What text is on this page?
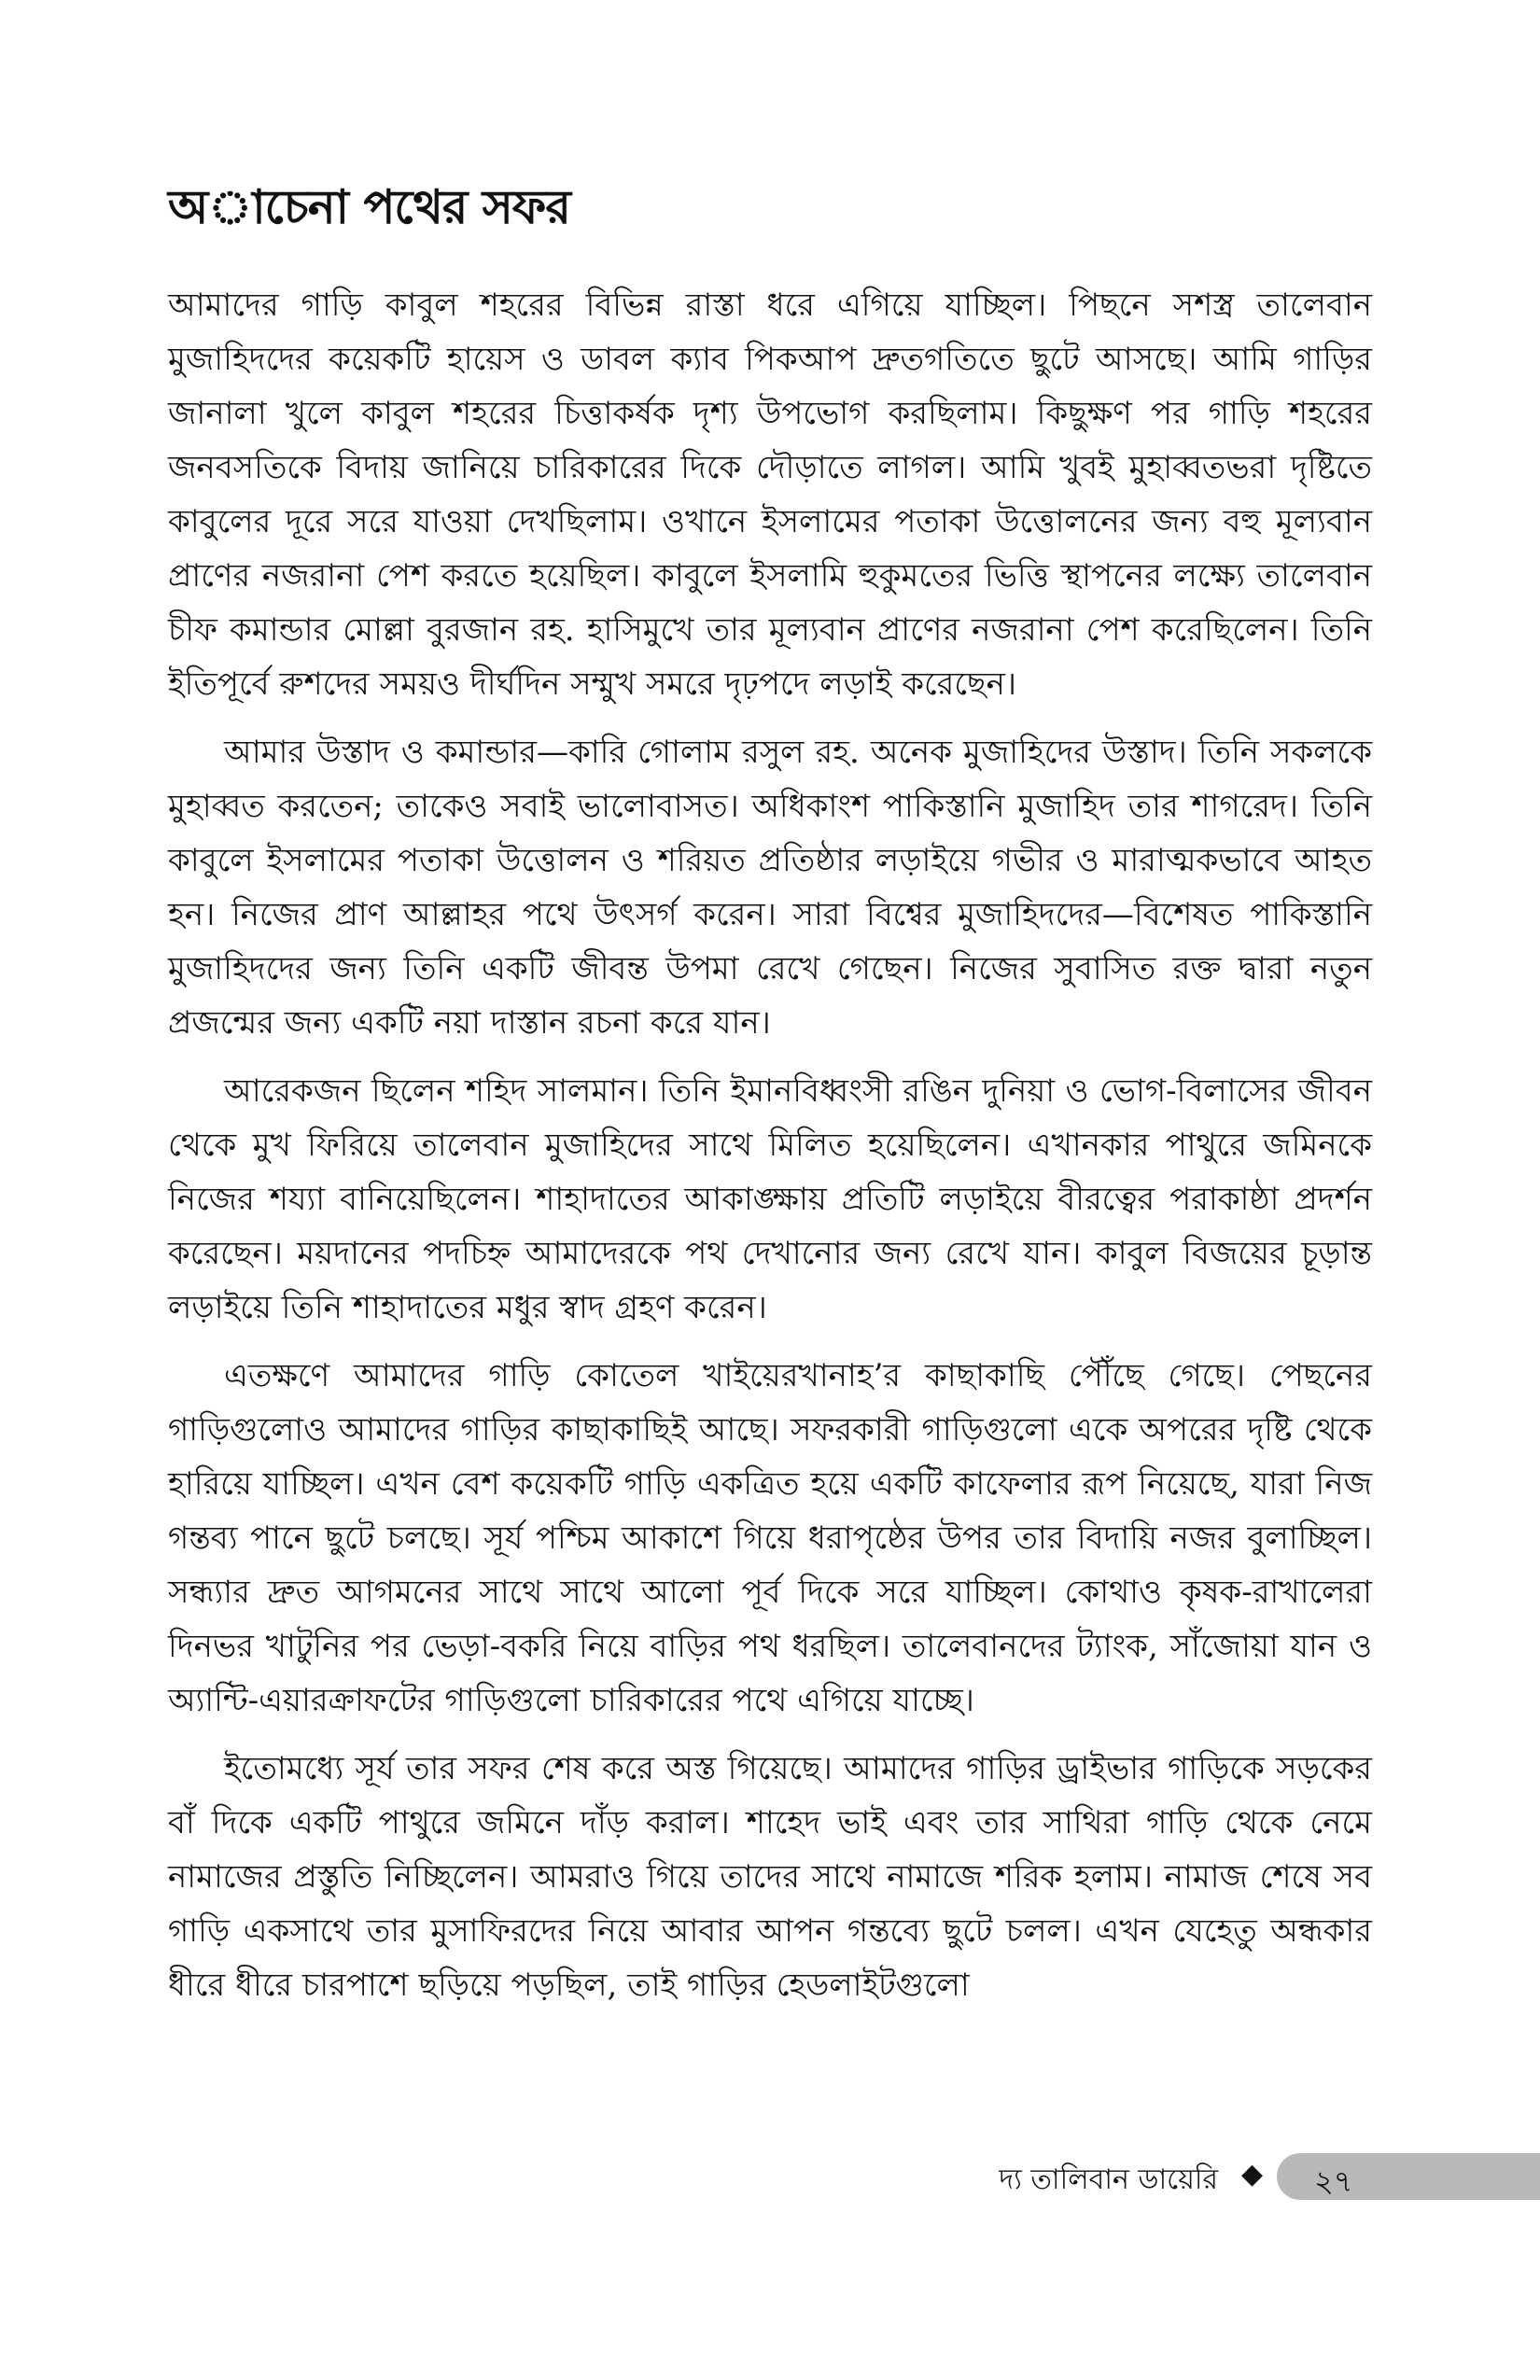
অাচেনা পথের সফর

আমাদের গাড়ি কাবুল শহরের বিভিন্ন রাস্তা ধরে এগিয়ে যাচ্ছিল। পিছনে সশস্ত্র তালেবান মুজাহিদদের কয়েকটি হায়েস ও ডাবল ক্যাব পিকআপ দ্রুতগতিতে ছুটে আসছে। আমি গাড়ির জানালা খুলে কাবুল শহরের চিত্তাকর্ষক দৃশ্য উপভোগ করছিলাম। কিছুক্ষণ পর গাড়ি শহরের জনবসতিকে বিদায় জানিয়ে চারিকারের দিকে দৌড়াতে লাগল। আমি খুবই মুহাব্বতভরা দৃষ্টিতে কাবুলের দূরে সরে যাওয়া দেখছিলাম। ওখানে ইসলামের পতাকা উত্তোলনের জন্য বহু মূল্যবান প্রাণের নজরানা পেশ করতে হয়েছিল। কাবুলে ইসলামি হুকুমতের ভিত্তি স্থাপনের লক্ষ্যে তালেবান চীফ কমান্ডার মোল্লা বুরজান রহ. হাসিমুখে তার মূল্যবান প্রাণের নজরানা পেশ করেছিলেন। তিনি ইতিপূর্বে রুশদের সময়ও দীর্ঘদিন সম্মুখ সমরে দৃঢ়পদে লড়াই করেছেন।

আমার উস্তাদ ও কমান্ডার—কারি গোলাম রসুল রহ. অনেক মুজাহিদের উস্তাদ। তিনি সকলকে মুহাব্বত করতেন; তাকেও সবাই ভালোবাসত। অধিকাংশ পাকিস্তানি মুজাহিদ তার শাগরেদ। তিনি কাবুলে ইসলামের পতাকা উত্তোলন ও শরিয়ত প্রতিষ্ঠার লড়াইয়ে গভীর ও মারাত্মকভাবে আহত হন। নিজের প্রাণ আল্লাহর পথে উৎসর্গ করেন। সারা বিশ্বের মুজাহিদদের—বিশেষত পাকিস্তানি মুজাহিদদের জন্য তিনি একটি জীবন্ত উপমা রেখে গেছেন। নিজের সুবাসিত রক্ত দ্বারা নতুন প্রজন্মের জন্য একটি নয়া দাস্তান রচনা করে যান।

আরেকজন ছিলেন শহিদ সালমান। তিনি ইমানবিধ্বংসী রঙিন দুনিয়া ও ভোগ-বিলাসের জীবন থেকে মুখ ফিরিয়ে তালেবান মুজাহিদের সাথে মিলিত হয়েছিলেন। এখানকার পাথুরে জমিনকে নিজের শয্যা বানিয়েছিলেন। শাহাদাতের আকাঙ্ক্ষায় প্রতিটি লড়াইয়ে বীরত্বের পরাকাষ্ঠা প্রদর্শন করেছেন। ময়দানের পদচিহ্ন আমাদেরকে পথ দেখানোর জন্য রেখে যান। কাবুল বিজয়ের চূড়ান্ত লড়াইয়ে তিনি শাহাদাতের মধুর স্বাদ গ্রহণ করেন।

এতক্ষণে আমাদের গাড়ি কোতেল খাইয়েরখানাহ’র কাছাকাছি পৌঁছে গেছে। পেছনের গাড়িগুলোও আমাদের গাড়ির কাছাকাছিই আছে। সফরকারী গাড়িগুলো একে অপরের দৃষ্টি থেকে হারিয়ে যাচ্ছিল। এখন বেশ কয়েকটি গাড়ি একত্রিত হয়ে একটি কাফেলার রূপ নিয়েছে, যারা নিজ গন্তব্য পানে ছুটে চলছে। সূর্য পশ্চিম আকাশে গিয়ে ধরাপৃষ্ঠের উপর তার বিদায়ি নজর বুলাচ্ছিল। সন্ধ্যার দ্রুত আগমনের সাথে সাথে আলো পূর্ব দিকে সরে যাচ্ছিল। কোথাও কৃষক-রাখালেরা দিনভর খাটুনির পর ভেড়া-বকরি নিয়ে বাড়ির পথ ধরছিল। তালেবানদের ট্যাংক, সাঁজোয়া যান ও অ্যান্টি-এয়ারক্রাফটের গাড়িগুলো চারিকারের পথে এগিয়ে যাচ্ছে।

ইতোমধ্যে সূর্য তার সফর শেষ করে অস্ত গিয়েছে। আমাদের গাড়ির ড্রাইভার গাড়িকে সড়কের বাঁ দিকে একটি পাথুরে জমিনে দাঁড় করাল। শাহেদ ভাই এবং তার সাথিরা গাড়ি থেকে নেমে নামাজের প্রস্তুতি নিচ্ছিলেন। আমরাও গিয়ে তাদের সাথে নামাজে শরিক হলাম। নামাজ শেষে সব গাড়ি একসাথে তার মুসাফিরদের নিয়ে আবার আপন গন্তব্যে ছুটে চলল। এখন যেহেতু অন্ধকার ধীরে ধীরে চারপাশে ছড়িয়ে পড়ছিল, তাই গাড়ির হেডলাইটগুলো

দ্য তালিবান ডায়েরি ◆ ২৭
